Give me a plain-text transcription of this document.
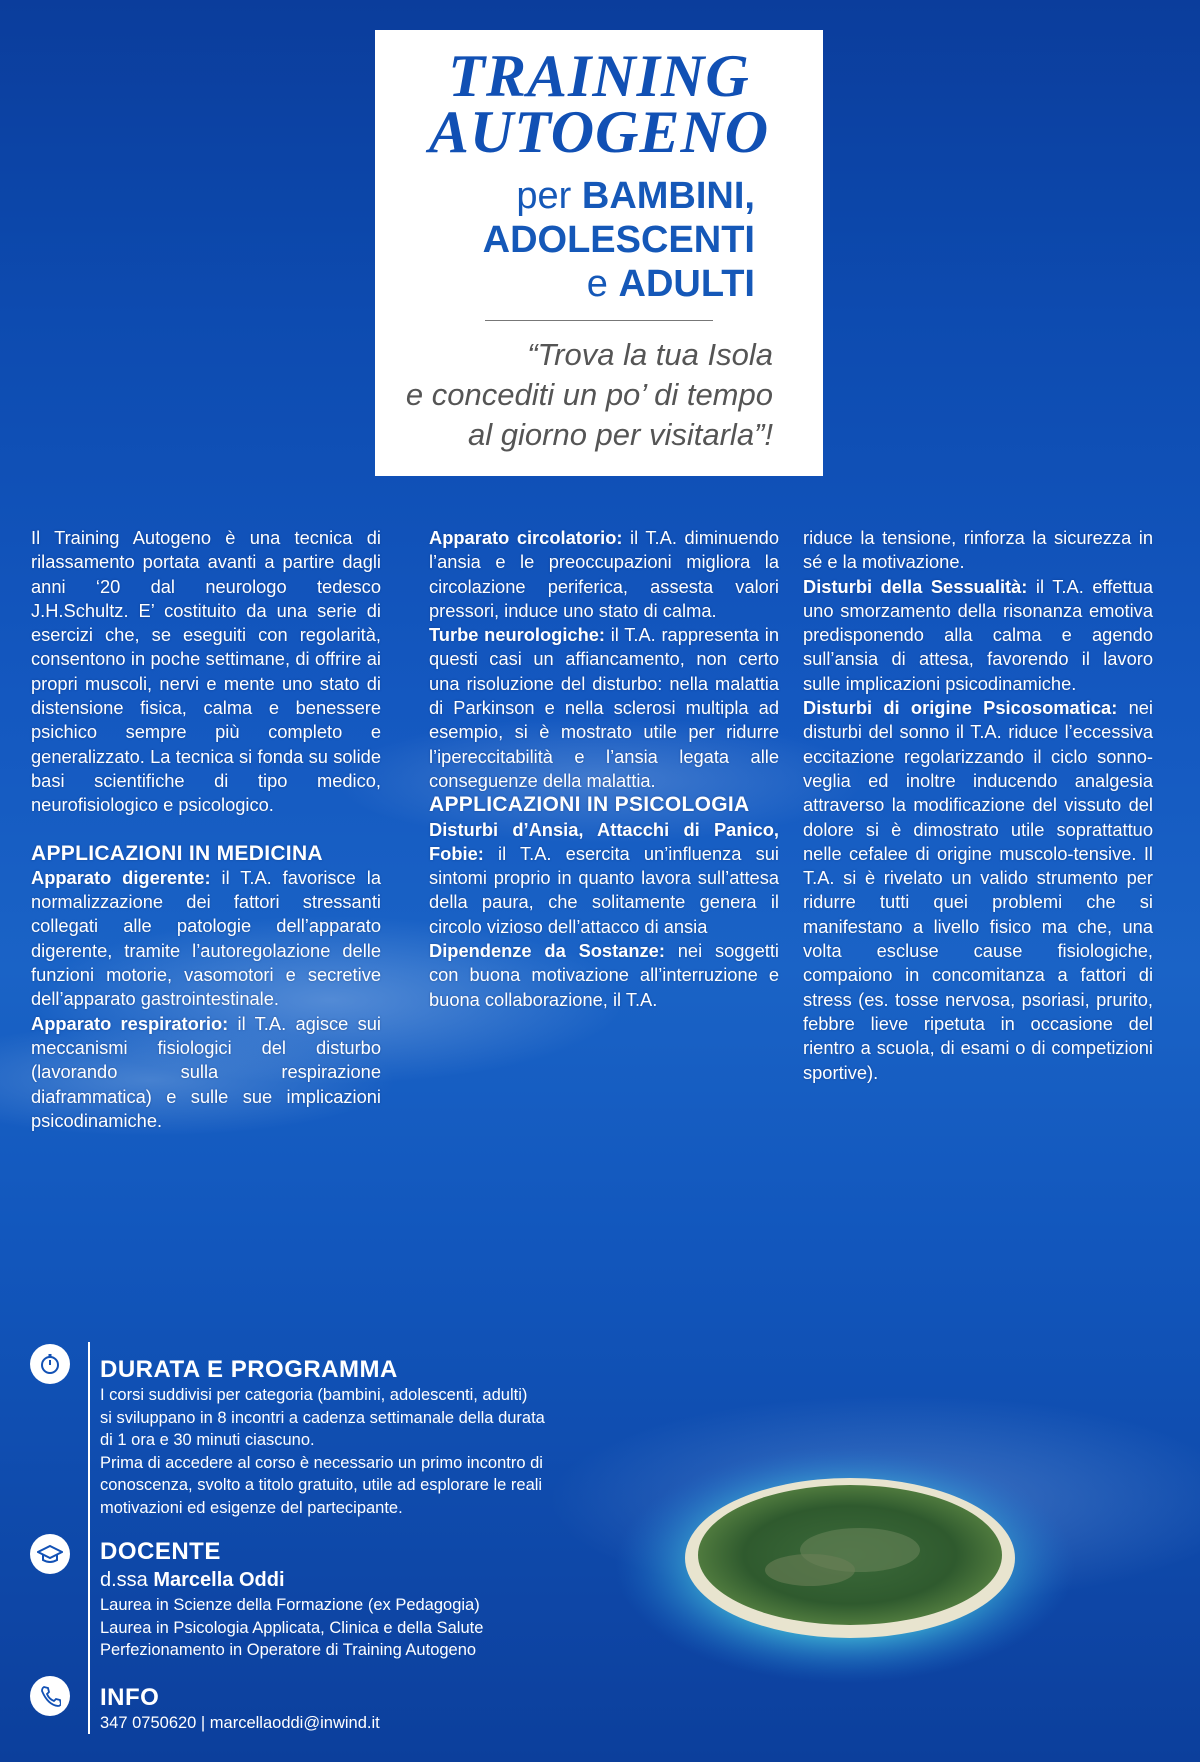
TRAINING
AUTOGENO
per BAMBINI,
ADOLESCENTI
e ADULTI
“Trova la tua Isola
e concediti un po’ di tempo
al giorno per visitarla”!

Il Training Autogeno è una tecnica di rilassamento portata avanti a partire dagli anni ‘20 dal neurologo tedesco J.H.Schultz. E’ costituito da una serie di esercizi che, se eseguiti con regolarità, consentono in poche settimane, di offrire ai propri muscoli, nervi e mente uno stato di distensione fisica, calma e benessere psichico sempre più completo e generalizzato. La tecnica si fonda su solide basi scientifiche di tipo medico, neurofisiologico e psicologico.

APPLICAZIONI IN MEDICINA

Apparato digerente: il T.A. favorisce la normalizzazione dei fattori stressanti collegati alle patologie dell’apparato digerente, tramite l’autoregolazione delle funzioni motorie, vasomotori e secretive dell’apparato gastrointestinale.

Apparato respiratorio: il T.A. agisce sui meccanismi fisiologici del disturbo (lavorando sulla respirazione diaframmatica) e sulle sue implicazioni psicodinamiche.

Apparato circolatorio: il T.A. diminuendo l’ansia e le preoccupazioni migliora la circolazione periferica, assesta valori pressori, induce uno stato di calma.

Turbe neurologiche: il T.A. rappresenta in questi casi un affiancamento, non certo una risoluzione del disturbo: nella malattia di Parkinson e nella sclerosi multipla ad esempio, si è mostrato utile per ridurre l’ipereccitabilità e l’ansia legata alle conseguenze della malattia.

APPLICAZIONI IN PSICOLOGIA

Disturbi d’Ansia, Attacchi di Panico, Fobie: il T.A. esercita un’influenza sui sintomi proprio in quanto lavora sull’attesa della paura, che solitamente genera il circolo vizioso dell’attacco di ansia

Dipendenze da Sostanze: nei soggetti con buona motivazione all’interruzione e buona collaborazione, il T.A.

riduce la tensione, rinforza la sicurezza in sé e la motivazione.

Disturbi della Sessualità: il T.A. effettua uno smorzamento della risonanza emotiva predisponendo alla calma e agendo sull’ansia di attesa, favorendo il lavoro sulle implicazioni psicodinamiche.

Disturbi di origine Psicosomatica: nei disturbi del sonno il T.A. riduce l’eccessiva eccitazione regolarizzando il ciclo sonno-veglia ed inoltre inducendo analgesia attraverso la modificazione del vissuto del dolore si è dimostrato utile soprattattuo nelle cefalee di origine muscolo-tensive. Il T.A. si è rivelato un valido strumento per ridurre tutti quei problemi che si manifestano a livello fisico ma che, una volta escluse cause fisiologiche, compaiono in concomitanza a fattori di stress (es. tosse nervosa, psoriasi, prurito, febbre lieve ripetuta in occasione del rientro a scuola, di esami o di competizioni sportive).

DURATA E PROGRAMMA

I corsi suddivisi per categoria (bambini, adolescenti, adulti)

si sviluppano in 8 incontri a cadenza settimanale della durata

di 1 ora e 30 minuti ciascuno.

Prima di accedere al corso è necessario un primo incontro di

conoscenza, svolto a titolo gratuito, utile ad esplorare le reali

motivazioni ed esigenze del partecipante.

DOCENTE
d.ssa Marcella Oddi

Laurea in Scienze della Formazione (ex Pedagogia)

Laurea in Psicologia Applicata, Clinica e della Salute

Perfezionamento in Operatore di Training Autogeno

INFO

347 0750620 | marcellaoddi@inwind.it
